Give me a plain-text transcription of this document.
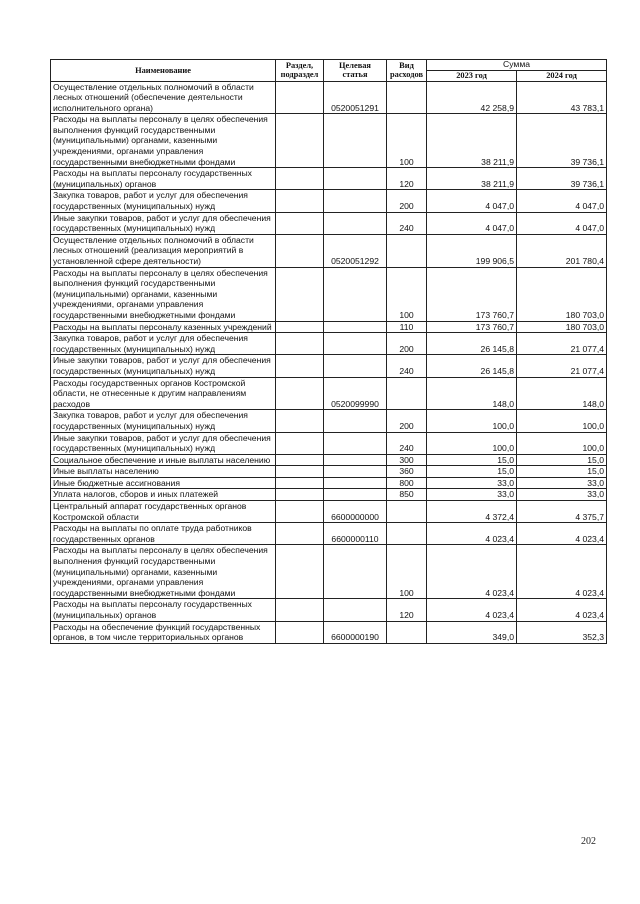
Наименование	Раздел, подраздел	Целевая статья	Вид расходов	Сумма	
				2023 год	2024 год
Осуществление отдельных полномочий в области лесных отношений (обеспечение деятельности исполнительного органа)		0520051291		42 258,9	43 783,1
Расходы на выплаты персоналу в целях обеспечения выполнения функций государственными (муниципальными) органами, казенными учреждениями, органами управления государственными внебюджетными фондами			100	38 211,9	39 736,1
Расходы на выплаты персоналу государственных (муниципальных) органов			120	38 211,9	39 736,1
Закупка товаров, работ и услуг для обеспечения государственных (муниципальных) нужд			200	4 047,0	4 047,0
Иные закупки товаров, работ и услуг для обеспечения государственных (муниципальных) нужд			240	4 047,0	4 047,0
Осуществление отдельных полномочий в области лесных отношений (реализация мероприятий в установленной сфере деятельности)		0520051292		199 906,5	201 780,4
Расходы на выплаты персоналу в целях обеспечения выполнения функций государственными (муниципальными) органами, казенными учреждениями, органами управления государственными внебюджетными фондами			100	173 760,7	180 703,0
Расходы на выплаты персоналу казенных учреждений			110	173 760,7	180 703,0
Закупка товаров, работ и услуг для обеспечения государственных (муниципальных) нужд			200	26 145,8	21 077,4
Иные закупки товаров, работ и услуг для обеспечения государственных (муниципальных) нужд			240	26 145,8	21 077,4
Расходы государственных органов Костромской области, не отнесенные к другим направлениям расходов		0520099990		148,0	148,0
Закупка товаров, работ и услуг для обеспечения государственных (муниципальных) нужд			200	100,0	100,0
Иные закупки товаров, работ и услуг для обеспечения государственных (муниципальных) нужд			240	100,0	100,0
Социальное обеспечение и иные выплаты населению			300	15,0	15,0
Иные выплаты населению			360	15,0	15,0
Иные бюджетные ассигнования			800	33,0	33,0
Уплата налогов, сборов и иных платежей			850	33,0	33,0
Центральный аппарат государственных органов Костромской области		6600000000		4 372,4	4 375,7
Расходы на выплаты по оплате труда работников государственных органов		6600000110		4 023,4	4 023,4
Расходы на выплаты персоналу в целях обеспечения выполнения функций государственными (муниципальными) органами, казенными учреждениями, органами управления государственными внебюджетными фондами			100	4 023,4	4 023,4
Расходы на выплаты персоналу государственных (муниципальных) органов			120	4 023,4	4 023,4
Расходы на обеспечение функций государственных органов, в том числе территориальных органов		6600000190		349,0	352,3
202
